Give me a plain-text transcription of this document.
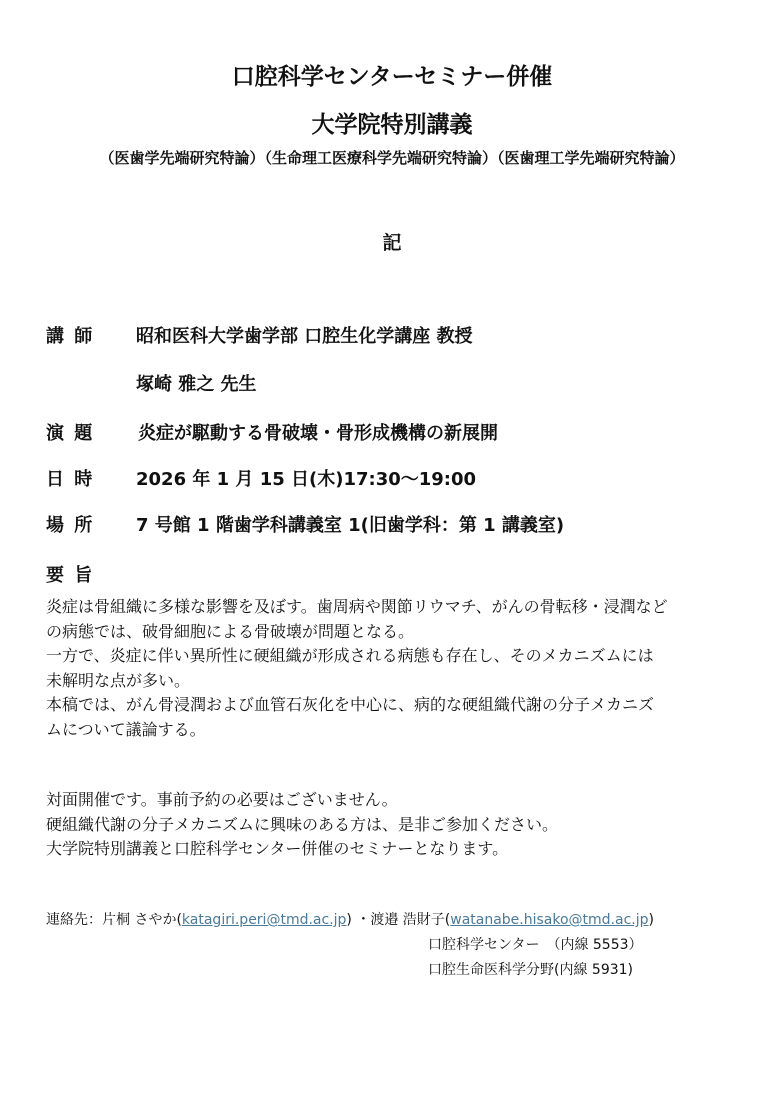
口腔科学センターセミナー併催
大学院特別講義
（医歯学先端研究特論）（生命理工医療科学先端研究特論）（医歯理工学先端研究特論）
記
講 師 昭和医科大学歯学部 口腔生化学講座 教授
塚崎 雅之 先生
演 題 炎症が駆動する骨破壊・骨形成機構の新展開
日 時 2026 年 1 月 15 日(木)17:30～19:00
場 所 7 号館 1 階歯学科講義室 1(旧歯学科：第 1 講義室)
要 旨
炎症は骨組織に多様な影響を及ぼす。歯周病や関節リウマチ、がんの骨転移・浸潤など
の病態では、破骨細胞による骨破壊が問題となる。
一方で、炎症に伴い異所性に硬組織が形成される病態も存在し、そのメカニズムには
未解明な点が多い。
本稿では、がん骨浸潤および血管石灰化を中心に、病的な硬組織代謝の分子メカニズ
ムについて議論する。
対面開催です。事前予約の必要はございません。
硬組織代謝の分子メカニズムに興味のある方は、是非ご参加ください。
大学院特別講義と口腔科学センター併催のセミナーとなります。
連絡先：片桐 さやか(katagiri.peri@tmd.ac.jp) ・渡邉 浩財子(watanabe.hisako@tmd.ac.jp)
口腔科学センター　（内線 5553）
口腔生命医科学分野(内線 5931)
